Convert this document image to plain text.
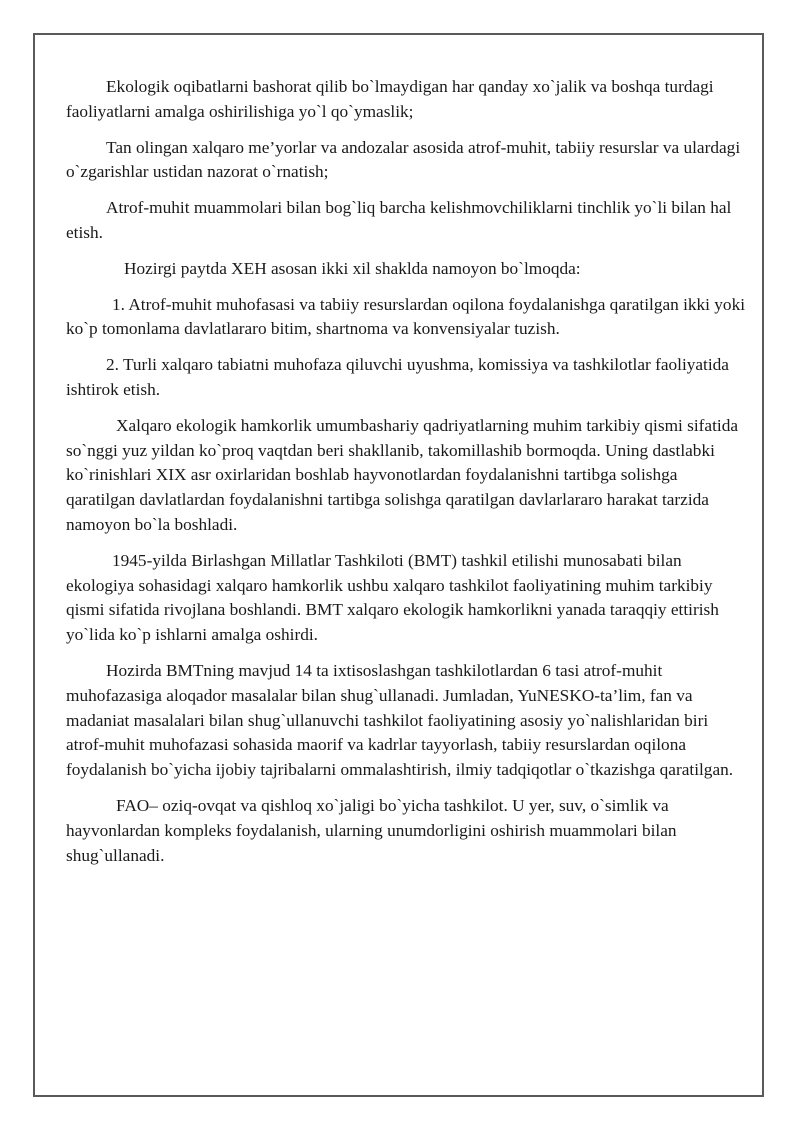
Ekologik oqibatlarni bashorat qilib bo`lmaydigan har qanday xo`jalik va boshqa turdagi faoliyatlarni amalga oshirilishiga yo`l qo`ymaslik;

Tan olingan xalqaro me’yorlar va andozalar asosida atrof-muhit, tabiiy resurslar va ulardagi o`zgarishlar ustidan nazorat o`rnatish;

Atrof-muhit muammolari bilan bog`liq barcha kelishmovchiliklarni tinchlik yo`li bilan hal etish.

Hozirgi paytda XEH asosan ikki xil shaklda namoyon bo`lmoqda:

1. Atrof-muhit muhofasasi va tabiiy resurslardan oqilona foydalanishga qaratilgan ikki yoki ko`p tomonlama davlatlararo bitim, shartnoma va konvensiyalar tuzish.

2. Turli xalqaro tabiatni muhofaza qiluvchi uyushma, komissiya va tashkilotlar faoliyatida ishtirok etish.

Xalqaro ekologik hamkorlik umumbashariy qadriyatlarning muhim tarkibiy qismi sifatida so`nggi yuz yildan ko`proq vaqtdan beri shakllanib, takomillashib bormoqda. Uning dastlabki ko`rinishlari XIX asr oxirlaridan boshlab hayvonotlardan foydalanishni tartibga solishga qaratilgan davlatlardan foydalanishni tartibga solishga qaratilgan davlarlararo harakat tarzida namoyon bo`la boshladi.

1945-yilda Birlashgan Millatlar Tashkiloti (BMT) tashkil etilishi munosabati bilan ekologiya sohasidagi xalqaro hamkorlik ushbu xalqaro tashkilot faoliyatining muhim tarkibiy qismi sifatida rivojlana boshlandi. BMT xalqaro ekologik hamkorlikni yanada taraqqiy ettirish yo`lida ko`p ishlarni amalga oshirdi.

Hozirda BMTning mavjud 14 ta ixtisoslashgan tashkilotlardan 6 tasi atrof-muhit muhofazasiga aloqador masalalar bilan shug`ullanadi. Jumladan, YuNESKO-ta’lim, fan va madaniat masalalari bilan shug`ullanuvchi tashkilot faoliyatining asosiy yo`nalishlaridan biri atrof-muhit muhofazasi sohasida maorif va kadrlar tayyorlash, tabiiy resurslardan oqilona foydalanish bo`yicha ijobiy tajribalarni ommalashtirish, ilmiy tadqiqotlar o`tkazishga qaratilgan.

FAO– oziq-ovqat va qishloq xo`jaligi bo`yicha tashkilot. U yer, suv, o`simlik va hayvonlardan kompleks foydalanish, ularning unumdorligini oshirish muammolari bilan shug`ullanadi.
